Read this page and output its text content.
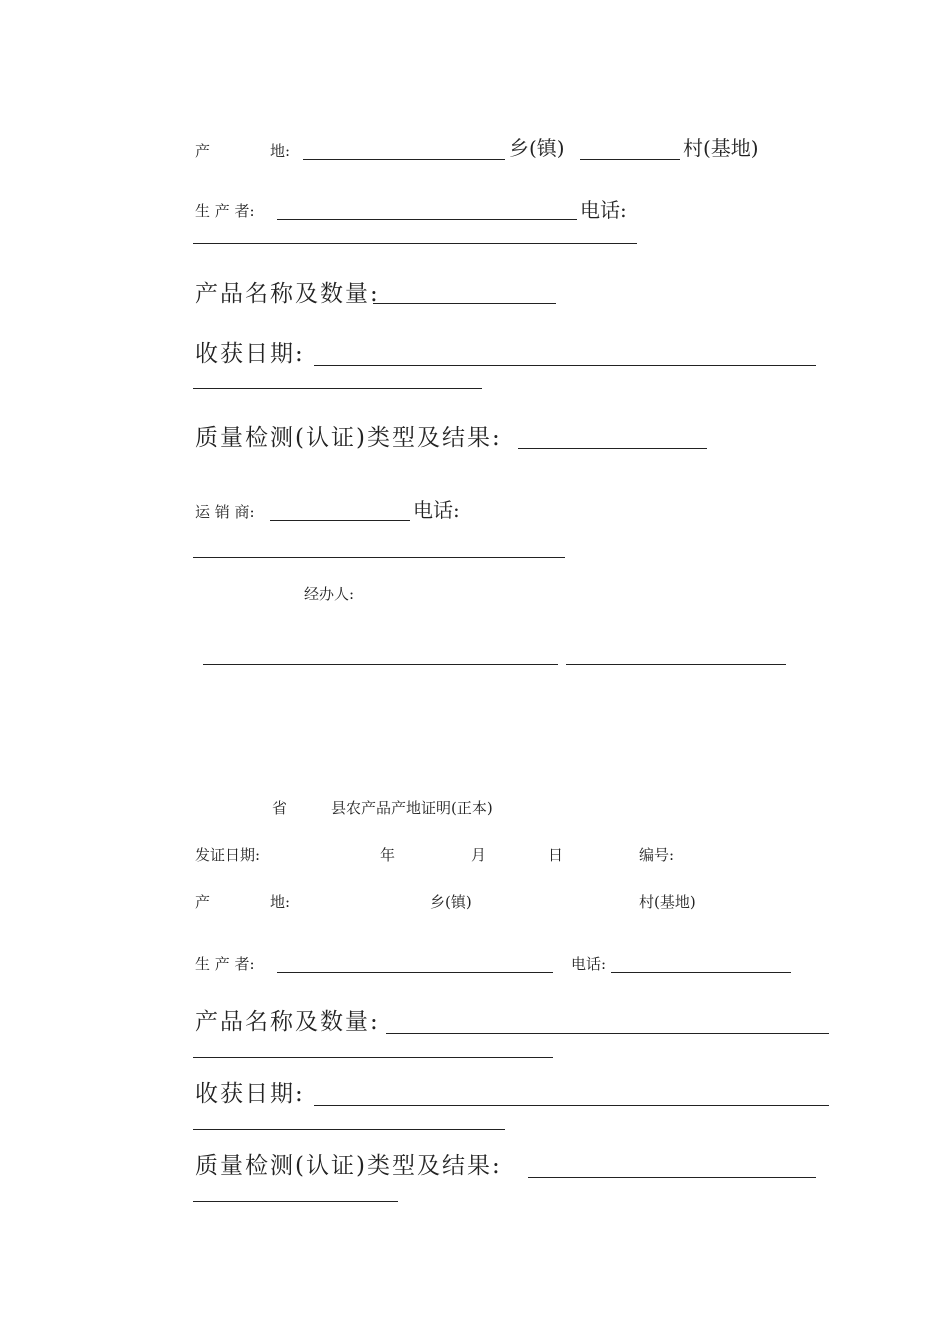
产	地:	乡(镇)	村(基地)
生 产 者:	电话:
产品名称及数量:
收获日期:
质量检测(认证)类型及结果:
运 销 商:	电话:
经办人:
省	县农产品产地证明(正本)
发证日期:	年	月	日	编号:
产	地:	乡(镇)	村(基地)
生 产 者:	电话:
产品名称及数量:
收获日期:
质量检测(认证)类型及结果:
